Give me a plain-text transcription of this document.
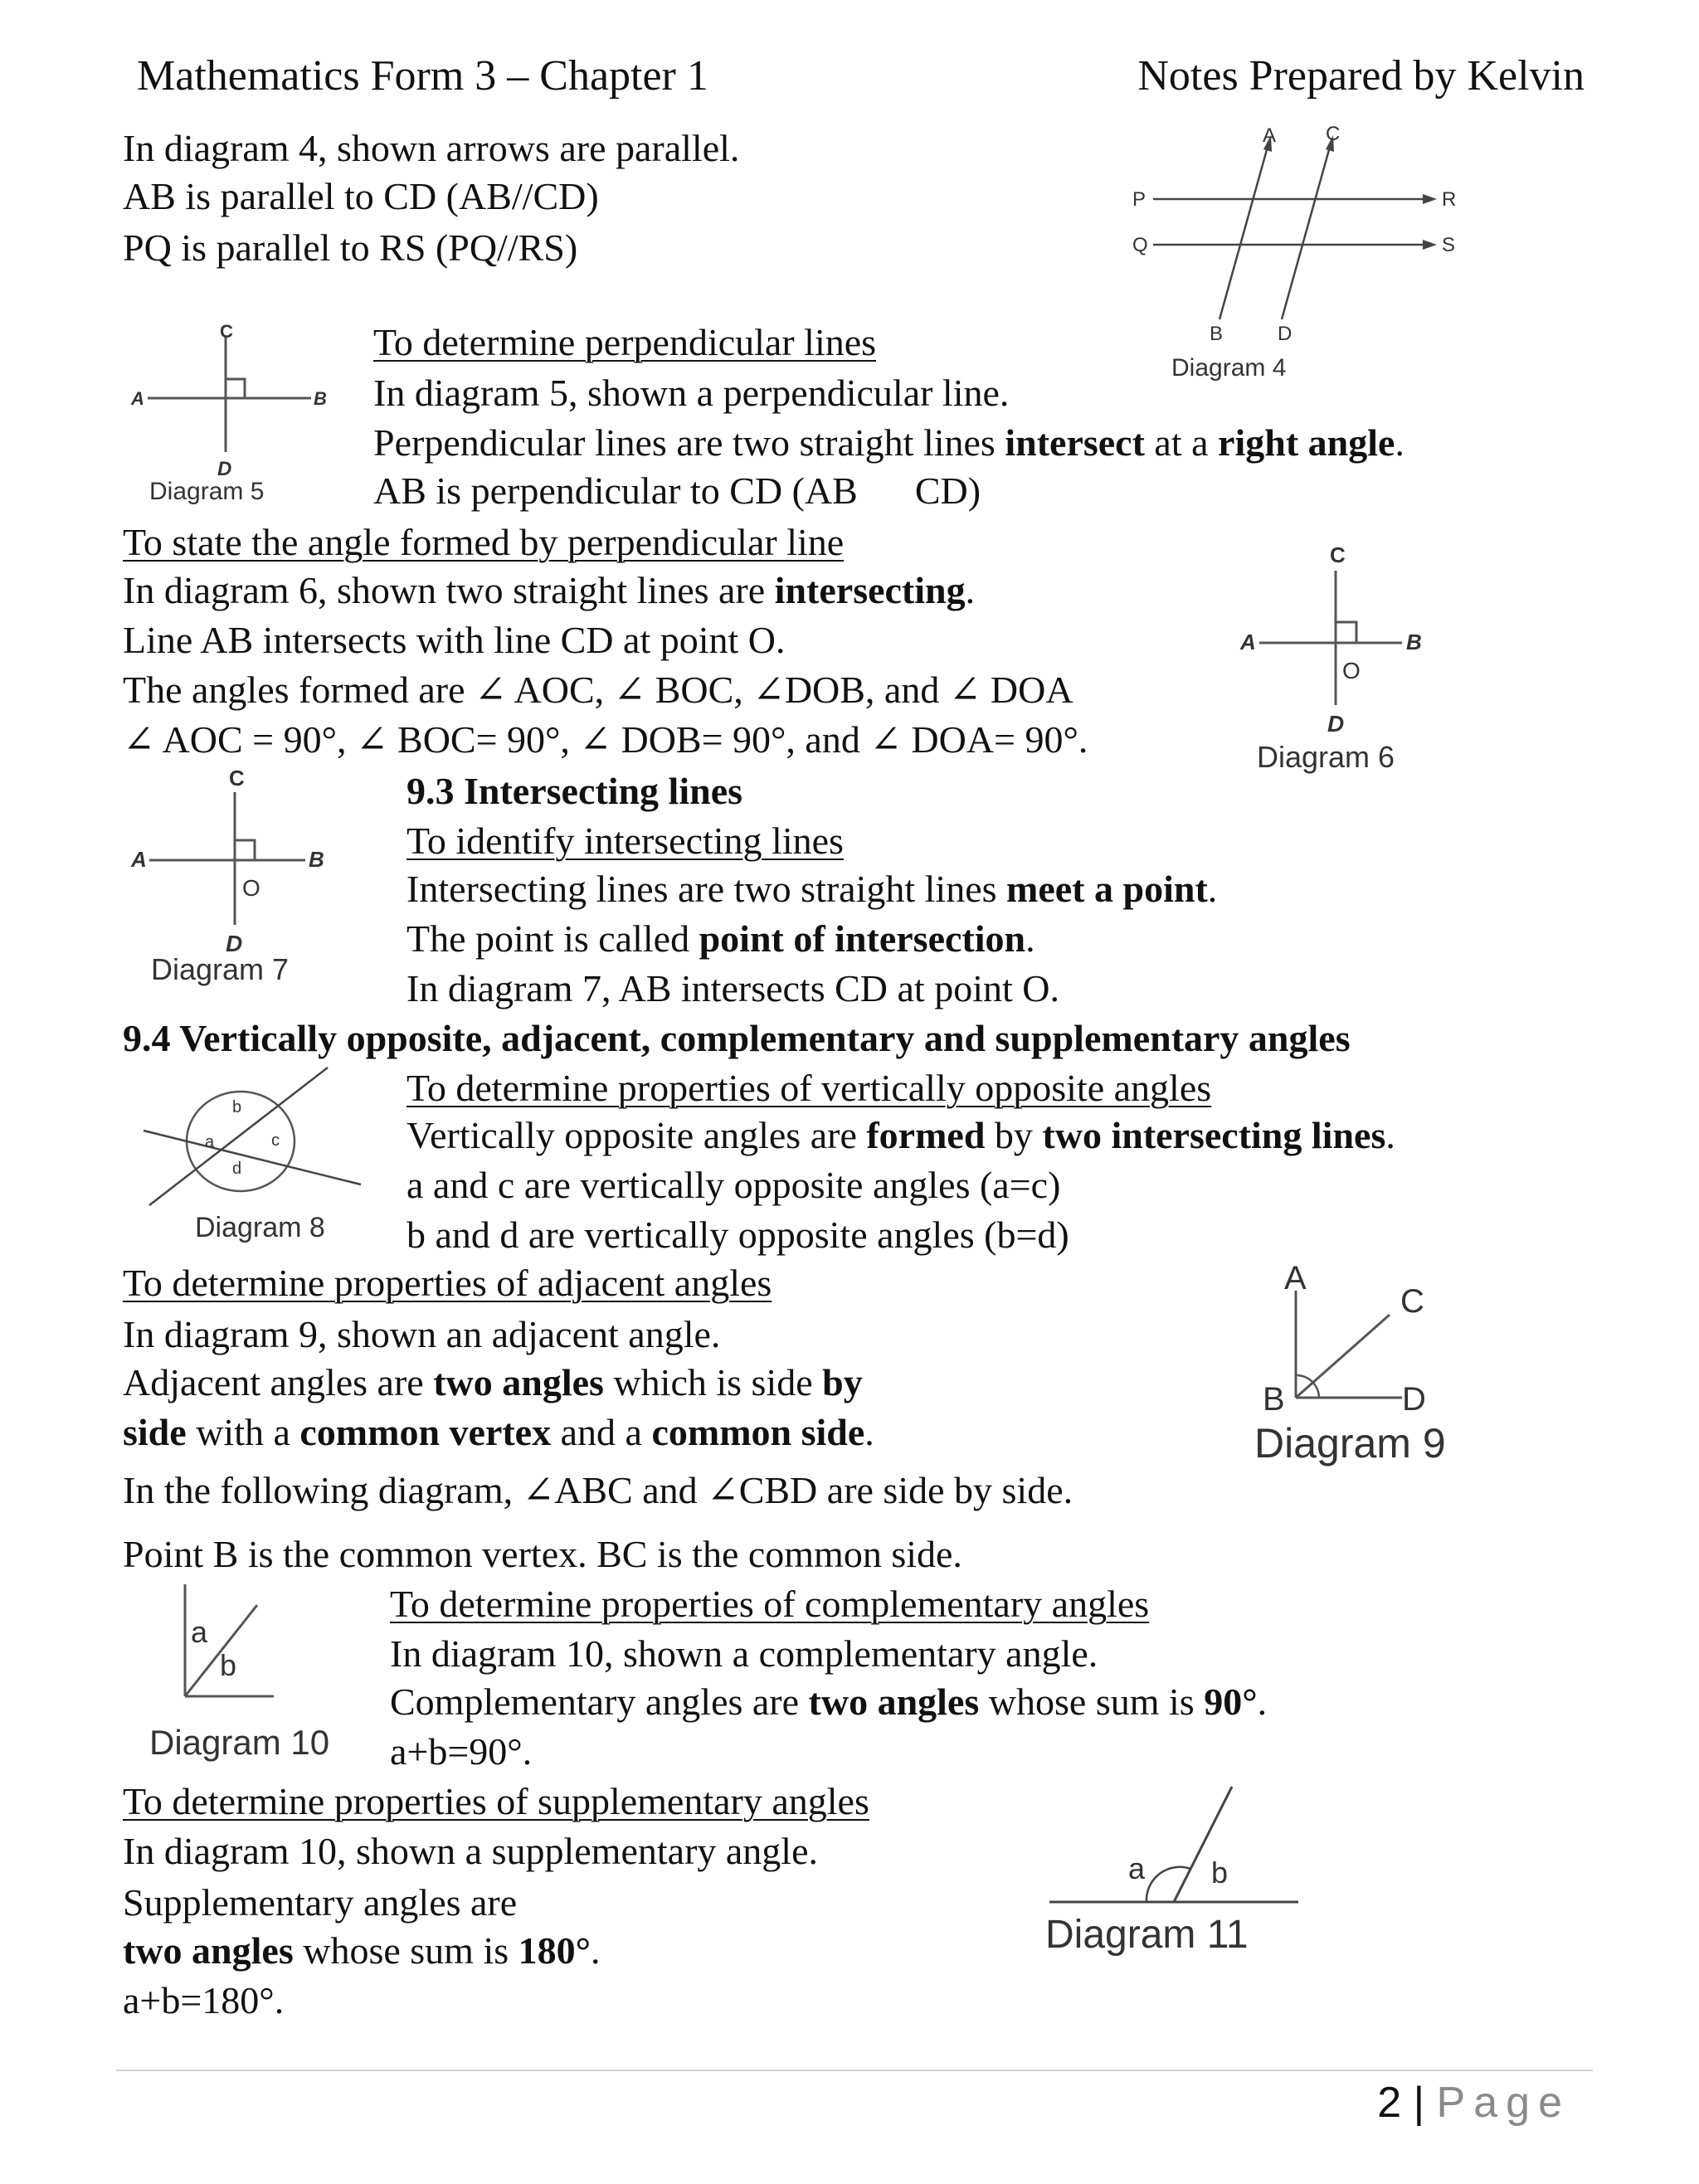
Mathematics Form 3 – Chapter 1	Notes Prepared by Kelvin
In diagram 4, shown arrows are parallel.
AB is parallel to CD (AB//CD)
PQ is parallel to RS (PQ//RS)
A C
P
Q
R
S
B	D
Diagram 4
C
A	B
D
Diagram 5
To determine perpendicular lines
In diagram 5, shown a perpendicular line.
Perpendicular lines are two straight lines intersect at a right angle.
AB is perpendicular to CD (AB      CD)
To state the angle formed by perpendicular line
In diagram 6, shown two straight lines are intersecting.
Line AB intersects with line CD at point O.
The angles formed are ∠ AOC, ∠ BOC, ∠DOB, and ∠ DOA
∠ AOC = 90°, ∠ BOC= 90°, ∠ DOB= 90°, and ∠ DOA= 90°.
C
A	B
O
D
Diagram 6
C
A	B
O
D
Diagram 7
9.3 Intersecting lines
To identify intersecting lines
Intersecting lines are two straight lines meet a point.
The point is called point of intersection.
In diagram 7, AB intersects CD at point O.
9.4 Vertically opposite, adjacent, complementary and supplementary angles
b
a	c
d
Diagram 8
To determine properties of vertically opposite angles
Vertically opposite angles are formed by two intersecting lines.
a and c are vertically opposite angles (a=c)
b and d are vertically opposite angles (b=d)
To determine properties of adjacent angles
In diagram 9, shown an adjacent angle.
Adjacent angles are two angles which is side by
side with a common vertex and a common side.
In the following diagram, ∠ABC and ∠CBD are side by side.
Point B is the common vertex. BC is the common side.
A
C
B	D
Diagram 9
a
b
Diagram 10
To determine properties of complementary angles
In diagram 10, shown a complementary angle.
Complementary angles are two angles whose sum is 90°.
a+b=90°.
To determine properties of supplementary angles
In diagram 10, shown a supplementary angle.
Supplementary angles are
two angles whose sum is 180°.
a+b=180°.
a b
Diagram 11
2 | Page
